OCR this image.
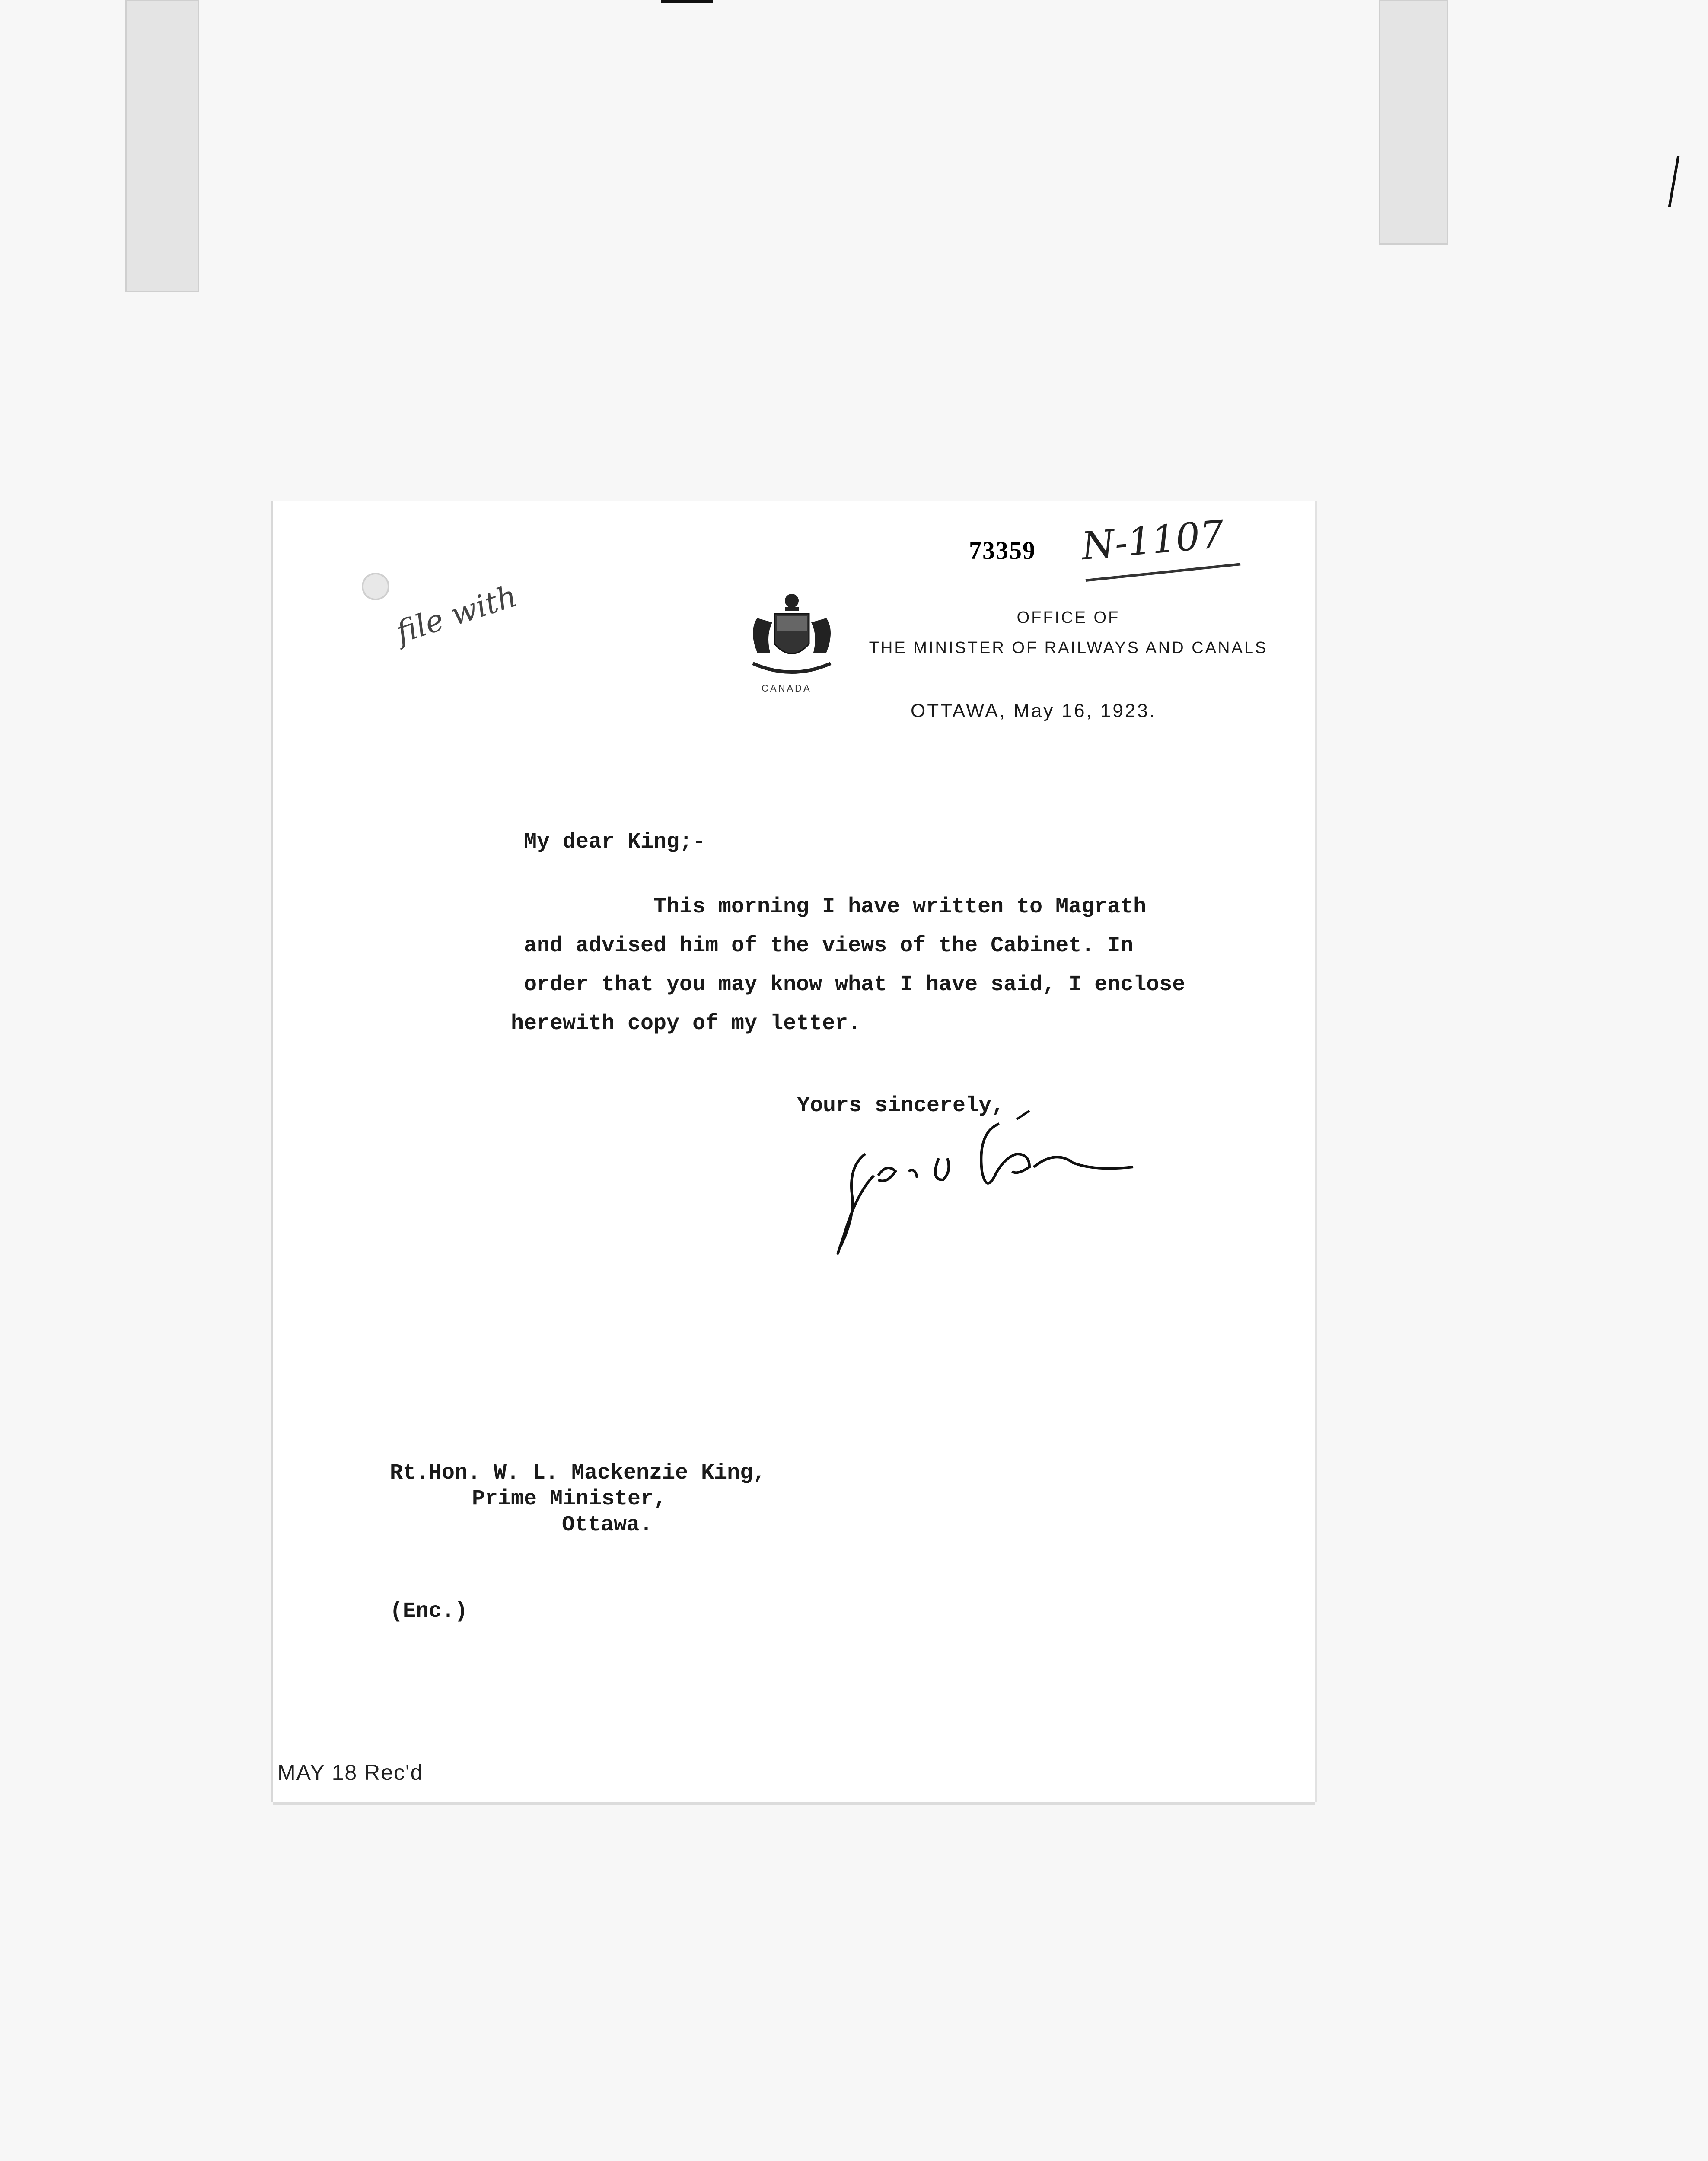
73359 N-1107
file with
CANADA
OFFICE OF
THE MINISTER OF RAILWAYS AND CANALS
OTTAWA, May 16, 1923.
My dear King;-
This morning I have written to Magrath
and advised him of the views of the Cabinet. In
order that you may know what I have said, I enclose
herewith copy of my letter.
Yours sincerely,
Rt.Hon. W. L. Mackenzie King,
Prime Minister,
Ottawa.
(Enc.)
MAY 18 Rec'd
